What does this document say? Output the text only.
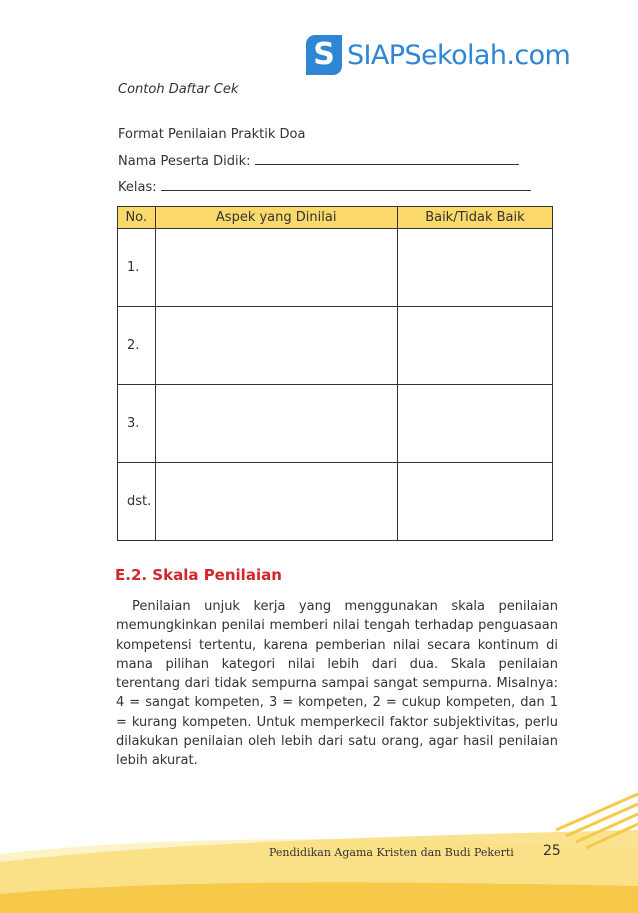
S SIAPSekolah.com
Contoh Daftar Cek
Format Penilaian Praktik Doa
Nama Peserta Didik:
Kelas:
No.	Aspek yang Dinilai	Baik/Tidak Baik
1.		
2.		
3.		
dst.		
E.2. Skala Penilaian

Penilaian unjuk kerja yang menggunakan skala penilaian memungkinkan penilai memberi nilai tengah terhadap penguasaan kompetensi tertentu, karena pemberian nilai secara kontinum di mana pilihan kategori nilai lebih dari dua. Skala penilaian terentang dari tidak sempurna sampai sangat sempurna. Misalnya: 4 = sangat kompeten, 3 = kompeten, 2 = cukup kompeten, dan 1 = kurang kompeten. Untuk memperkecil faktor subjektivitas, perlu dilakukan penilaian oleh lebih dari satu orang, agar hasil penilaian lebih akurat.

Pendidikan Agama Kristen dan Budi Pekerti 25
